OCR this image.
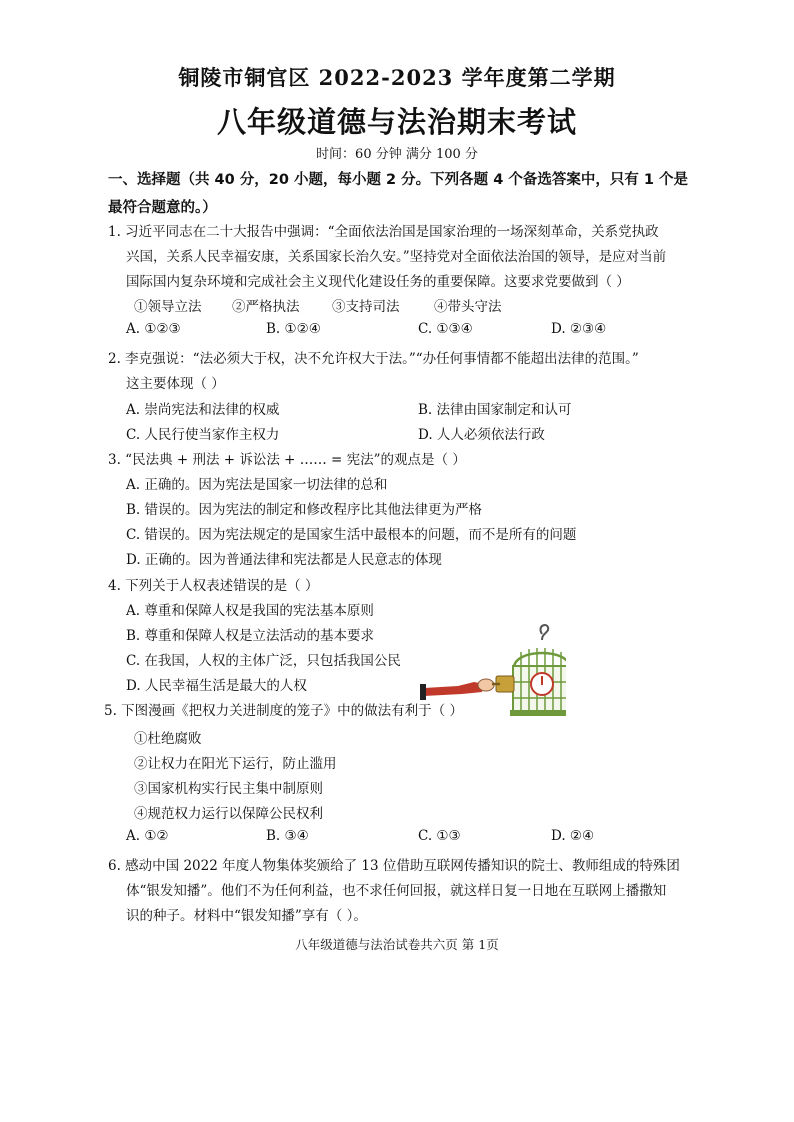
铜陵市铜官区 2022-2023 学年度第二学期
八年级道德与法治期末考试
时间：60 分钟 满分 100 分
一、选择题（共 40 分，20 小题，每小题 2 分。下列各题 4 个备选答案中，只有 1 个是最符合题意的。）
1. 习近平同志在二十大报告中强调：“全面依法治国是国家治理的一场深刻革命，关系党执政
兴国，关系人民幸福安康，关系国家长治久安。”坚持党对全面依法治国的领导，是应对当前
国际国内复杂环境和完成社会主义现代化建设任务的重要保障。这要求党要做到（ ）
①领导立法 ②严格执法 ③支持司法	④带头守法
A. ①②③	B. ①②④	C. ①③④	D. ②③④
2. 李克强说：“法必须大于权，决不允许权大于法。”“办任何事情都不能超出法律的范围。”
这主要体现（ ）
A. 崇尚宪法和法律的权威	B. 法律由国家制定和认可
C. 人民行使当家作主权力	D. 人人必须依法行政
3. “民法典 + 刑法 + 诉讼法 + …… = 宪法”的观点是（ ）
A. 正确的。因为宪法是国家一切法律的总和
B. 错误的。因为宪法的制定和修改程序比其他法律更为严格
C. 错误的。因为宪法规定的是国家生活中最根本的问题，而不是所有的问题
D. 正确的。因为普通法律和宪法都是人民意志的体现
4. 下列关于人权表述错误的是（ ）
A. 尊重和保障人权是我国的宪法基本原则
B. 尊重和保障人权是立法活动的基本要求
C. 在我国，人权的主体广泛，只包括我国公民
D. 人民幸福生活是最大的人权
5. 下图漫画《把权力关进制度的笼子》中的做法有利于（ ）
①杜绝腐败
②让权力在阳光下运行，防止滥用
③国家机构实行民主集中制原则
④规范权力运行以保障公民权利
A. ①②	B. ③④	C. ①③	D. ②④
6. 感动中国 2022 年度人物集体奖颁给了 13 位借助互联网传播知识的院士、教师组成的特殊团
体“银发知播”。他们不为任何利益，也不求任何回报，就这样日复一日地在互联网上播撒知
识的种子。材料中“银发知播”享有（ ）。
八年级道德与法治试卷共六页 第 1页
